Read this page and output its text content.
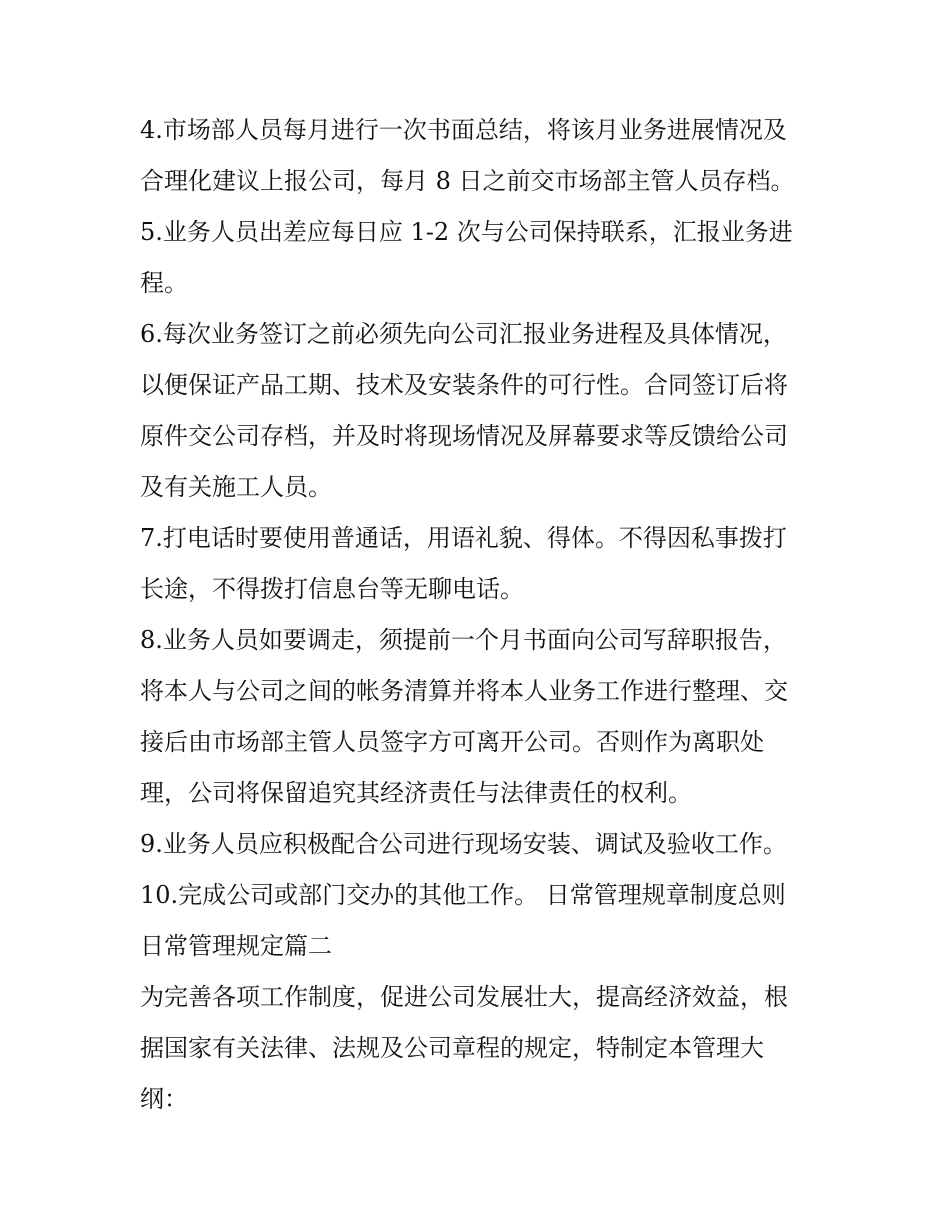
4.市场部人员每月进行一次书面总结，将该月业务进展情况及
合理化建议上报公司，每月 8 日之前交市场部主管人员存档。
5.业务人员出差应每日应 1-2 次与公司保持联系，汇报业务进
程。
6.每次业务签订之前必须先向公司汇报业务进程及具体情况，
以便保证产品工期、技术及安装条件的可行性。合同签订后将
原件交公司存档，并及时将现场情况及屏幕要求等反馈给公司
及有关施工人员。
7.打电话时要使用普通话，用语礼貌、得体。不得因私事拨打
长途，不得拨打信息台等无聊电话。
8.业务人员如要调走，须提前一个月书面向公司写辞职报告，
将本人与公司之间的帐务清算并将本人业务工作进行整理、交
接后由市场部主管人员签字方可离开公司。否则作为离职处
理，公司将保留追究其经济责任与法律责任的权利。
9.业务人员应积极配合公司进行现场安装、调试及验收工作。
10.完成公司或部门交办的其他工作。 日常管理规章制度总则
日常管理规定篇二
为完善各项工作制度，促进公司发展壮大，提高经济效益，根
据国家有关法律、法规及公司章程的规定，特制定本管理大
纲：
